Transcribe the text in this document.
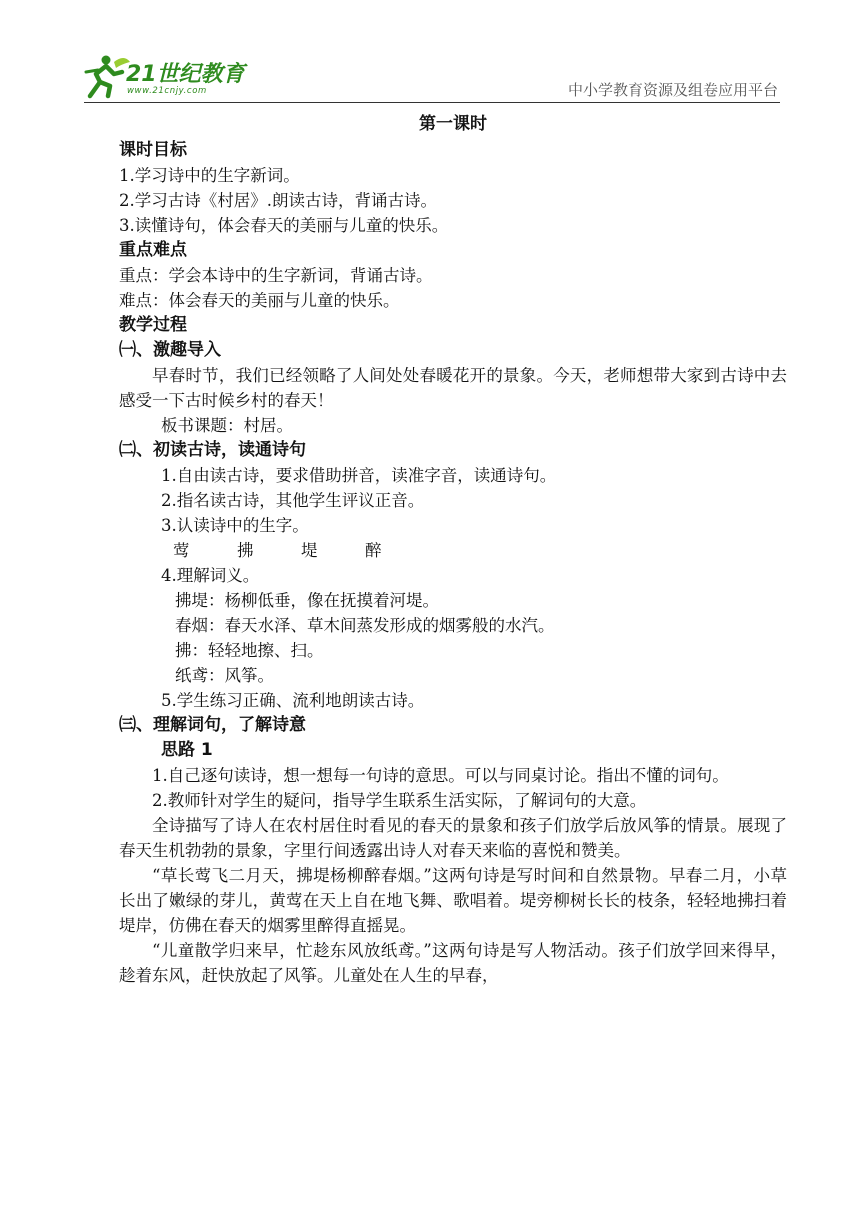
21世纪教育
www.21cnjy.com	中小学教育资源及组卷应用平台
第一课时
课时目标
1.学习诗中的生字新词。
2.学习古诗《村居》.朗读古诗，背诵古诗。
3.读懂诗句，体会春天的美丽与儿童的快乐。
重点难点
重点：学会本诗中的生字新词，背诵古诗。
难点：体会春天的美丽与儿童的快乐。
教学过程
㈠、激趣导入
早春时节，我们已经领略了人间处处春暖花开的景象。今天，老师想带大家到古诗中去感受一下古时候乡村的春天！
板书课题：村居。
㈡、初读古诗，读通诗句
1.自由读古诗，要求借助拼音，读准字音，读通诗句。
2.指名读古诗，其他学生评议正音。
3.认读诗中的生字。
莺	拂	堤	醉
4.理解词义。
拂堤：杨柳低垂，像在抚摸着河堤。
春烟：春天水泽、草木间蒸发形成的烟雾般的水汽。
拂：轻轻地擦、扫。
纸鸢：风筝。
5.学生练习正确、流利地朗读古诗。
㈢、理解词句，了解诗意
思路 1
1.自己逐句读诗，想一想每一句诗的意思。可以与同桌讨论。指出不懂的词句。
2.教师针对学生的疑问，指导学生联系生活实际，了解词句的大意。
全诗描写了诗人在农村居住时看见的春天的景象和孩子们放学后放风筝的情景。展现了春天生机勃勃的景象，字里行间透露出诗人对春天来临的喜悦和赞美。
“草长莺飞二月天，拂堤杨柳醉春烟。”这两句诗是写时间和自然景物。早春二月，小草长出了嫩绿的芽儿，黄莺在天上自在地飞舞、歌唱着。堤旁柳树长长的枝条，轻轻地拂扫着堤岸，仿佛在春天的烟雾里醉得直摇晃。
“儿童散学归来早，忙趁东风放纸鸢。”这两句诗是写人物活动。孩子们放学回来得早，趁着东风，赶快放起了风筝。儿童处在人生的早春，
